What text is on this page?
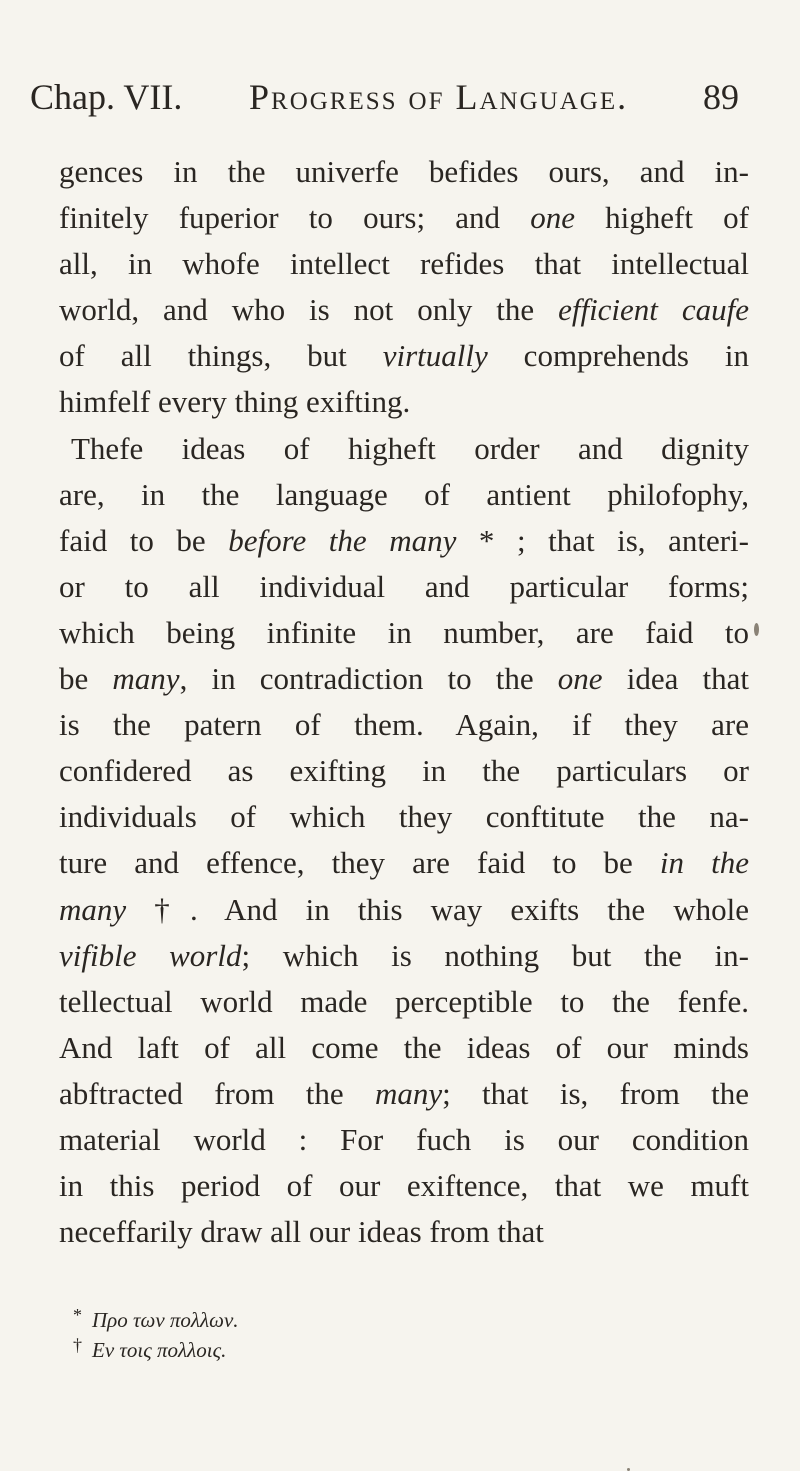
Chap. VII. Progress of Language. 89
gences in the univerfe befides ours, and in-
finitely fuperior to ours; and one higheft of
all, in whofe intellect refides that intellectual
world, and who is not only the efficient caufe
of all things, but virtually comprehends in
himfelf every thing exifting.
Thefe ideas of higheft order and dignity
are, in the language of antient philofophy,
faid to be before the many * ; that is, anteri-
or to all individual and particular forms;
which being infinite in number, are faid to
be many, in contradiction to the one idea that
is the patern of them. Again, if they are
confidered as exifting in the particulars or
individuals of which they conftitute the na-
ture and effence, they are faid to be in the
many †. And in this way exifts the whole
vifible world; which is nothing but the in-
tellectual world made perceptible to the fenfe.
And laft of all come the ideas of our minds
abftracted from the many; that is, from the
material world : For fuch is our condition
in this period of our exiftence, that we muft
neceffarily draw all our ideas from that
* Προ των πολλων.
† Εν τοις πολλοις.
